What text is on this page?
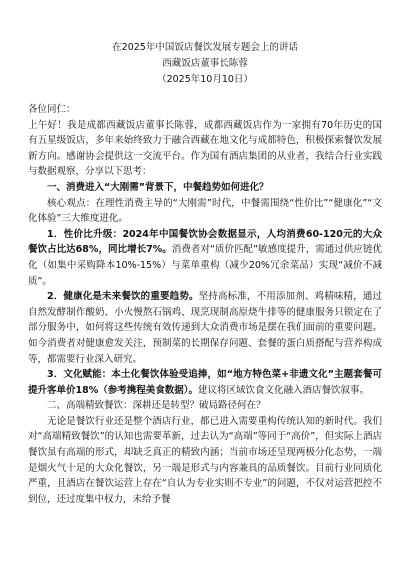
在2025年中国饭店餐饮发展专题会上的讲话
西藏饭店董事长陈蓉
（2025年10月10日）

各位同仁：

上午好！我是成都西藏饭店董事长陈蓉，成都西藏饭店作为一家拥有70年历史的国有五星级饭店，多年来始终致力于融合西藏在地文化与成都特色，积极探索餐饮发展新方向。感谢协会提供这一交流平台。作为国有酒店集团的从业者，我结合行业实践与数据观察，分享以下思考：

一、消费进入“大刚需”背景下，中餐趋势如何进化？

核心观点：在理性消费主导的“大刚需”时代，中餐需围绕“性价比”“健康化”“文化体验”三大维度进化。

1．性价比升级：2024年中国餐饮协会数据显示，人均消费60-120元的大众餐饮占比达68%，同比增长7%。消费者对“质价匹配”敏感度提升，需通过供应链优化（如集中采购降本10%-15%）与菜单重构（减少20%冗余菜品）实现“减价不减质”。

2．健康化是未来餐饮的重要趋势。坚持高标准，不用添加剂、鸡精味精，通过自然发酵制作酸奶、小火慢熬石锅鸡、现烹现制高原烧牛排等的健康服务只锁定在了部分服务中，如何将这些传统有效传递到大众消费市场是摆在我们面前的重要问题。如今消费者对健康愈发关注，预制菜的长期保存问题、套餐的蛋白质搭配与营养构成等，都需要行业深入研究。

3．文化赋能：本土化餐饮体验受追捧，如“地方特色菜+非遗文化”主题套餐可提升客单价18%（参考携程美食数据）。建议将区域饮食文化融入酒店餐饮叙事。

二、高端精致餐饮：深耕还是转型？破局路径何在？

无论是餐饮行业还是整个酒店行业，都已进入需要重构传统认知的新时代。我们对“高端精致餐饮”的认知也需要革新，过去认为“高端”等同于“高价”，但实际上酒店餐饮虽有高端的形式，却缺乏真正的精致内涵；当前市场还呈现两极分化态势，一端是烟火气十足的大众化餐饮，另一端是形式与内容兼具的品质餐饮。目前行业同质化严重，且酒店在餐饮运营上存在“自认为专业实则不专业”的问题，不仅对运营把控不到位，还过度集中权力，未给予餐
